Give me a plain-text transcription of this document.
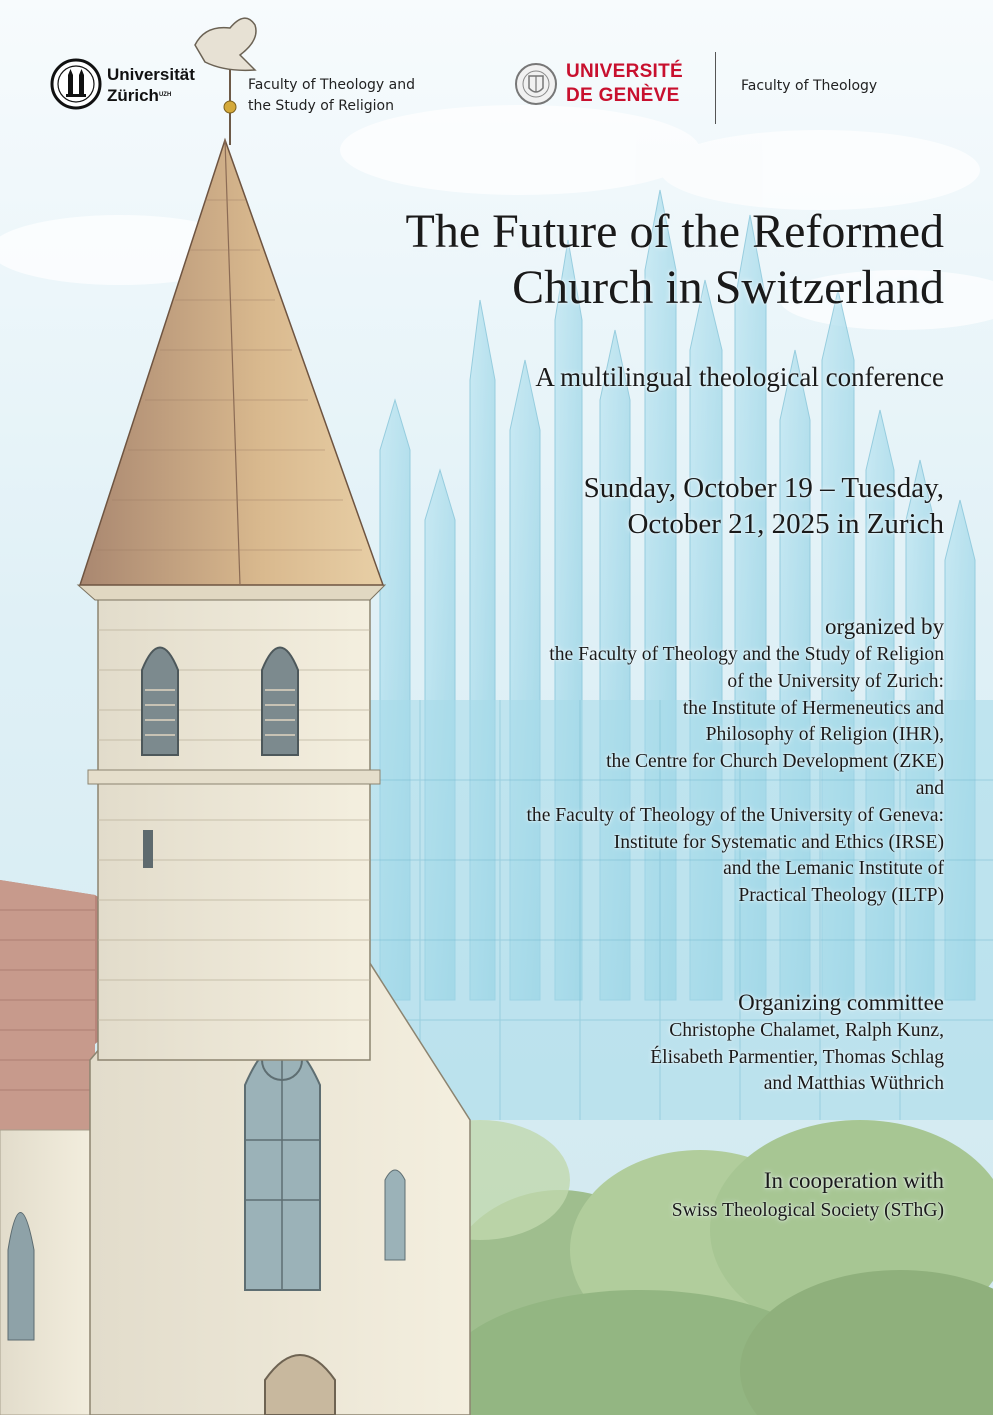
Universität
Zürich$^{UZH}$
Faculty of Theology and
the Study of Religion
UNIVERSITÉ
DE GENÈVE	Faculty of Theology
The Future of the Reformed
Church in Switzerland
A multilingual theological conference
Sunday, October 19 – Tuesday,
October 21, 2025 in Zurich
organized by
the Faculty of Theology and the Study of Religion
of the University of Zurich:
the Institute of Hermeneutics and
Philosophy of Religion (IHR),
the Centre for Church Development (ZKE)
and
the Faculty of Theology of the University of Geneva:
Institute for Systematic and Ethics (IRSE)
and the Lemanic Institute of
Practical Theology (ILTP)
Organizing committee
Christophe Chalamet, Ralph Kunz,
Élisabeth Parmentier, Thomas Schlag
and Matthias Wüthrich
In cooperation with
Swiss Theological Society (SThG)
